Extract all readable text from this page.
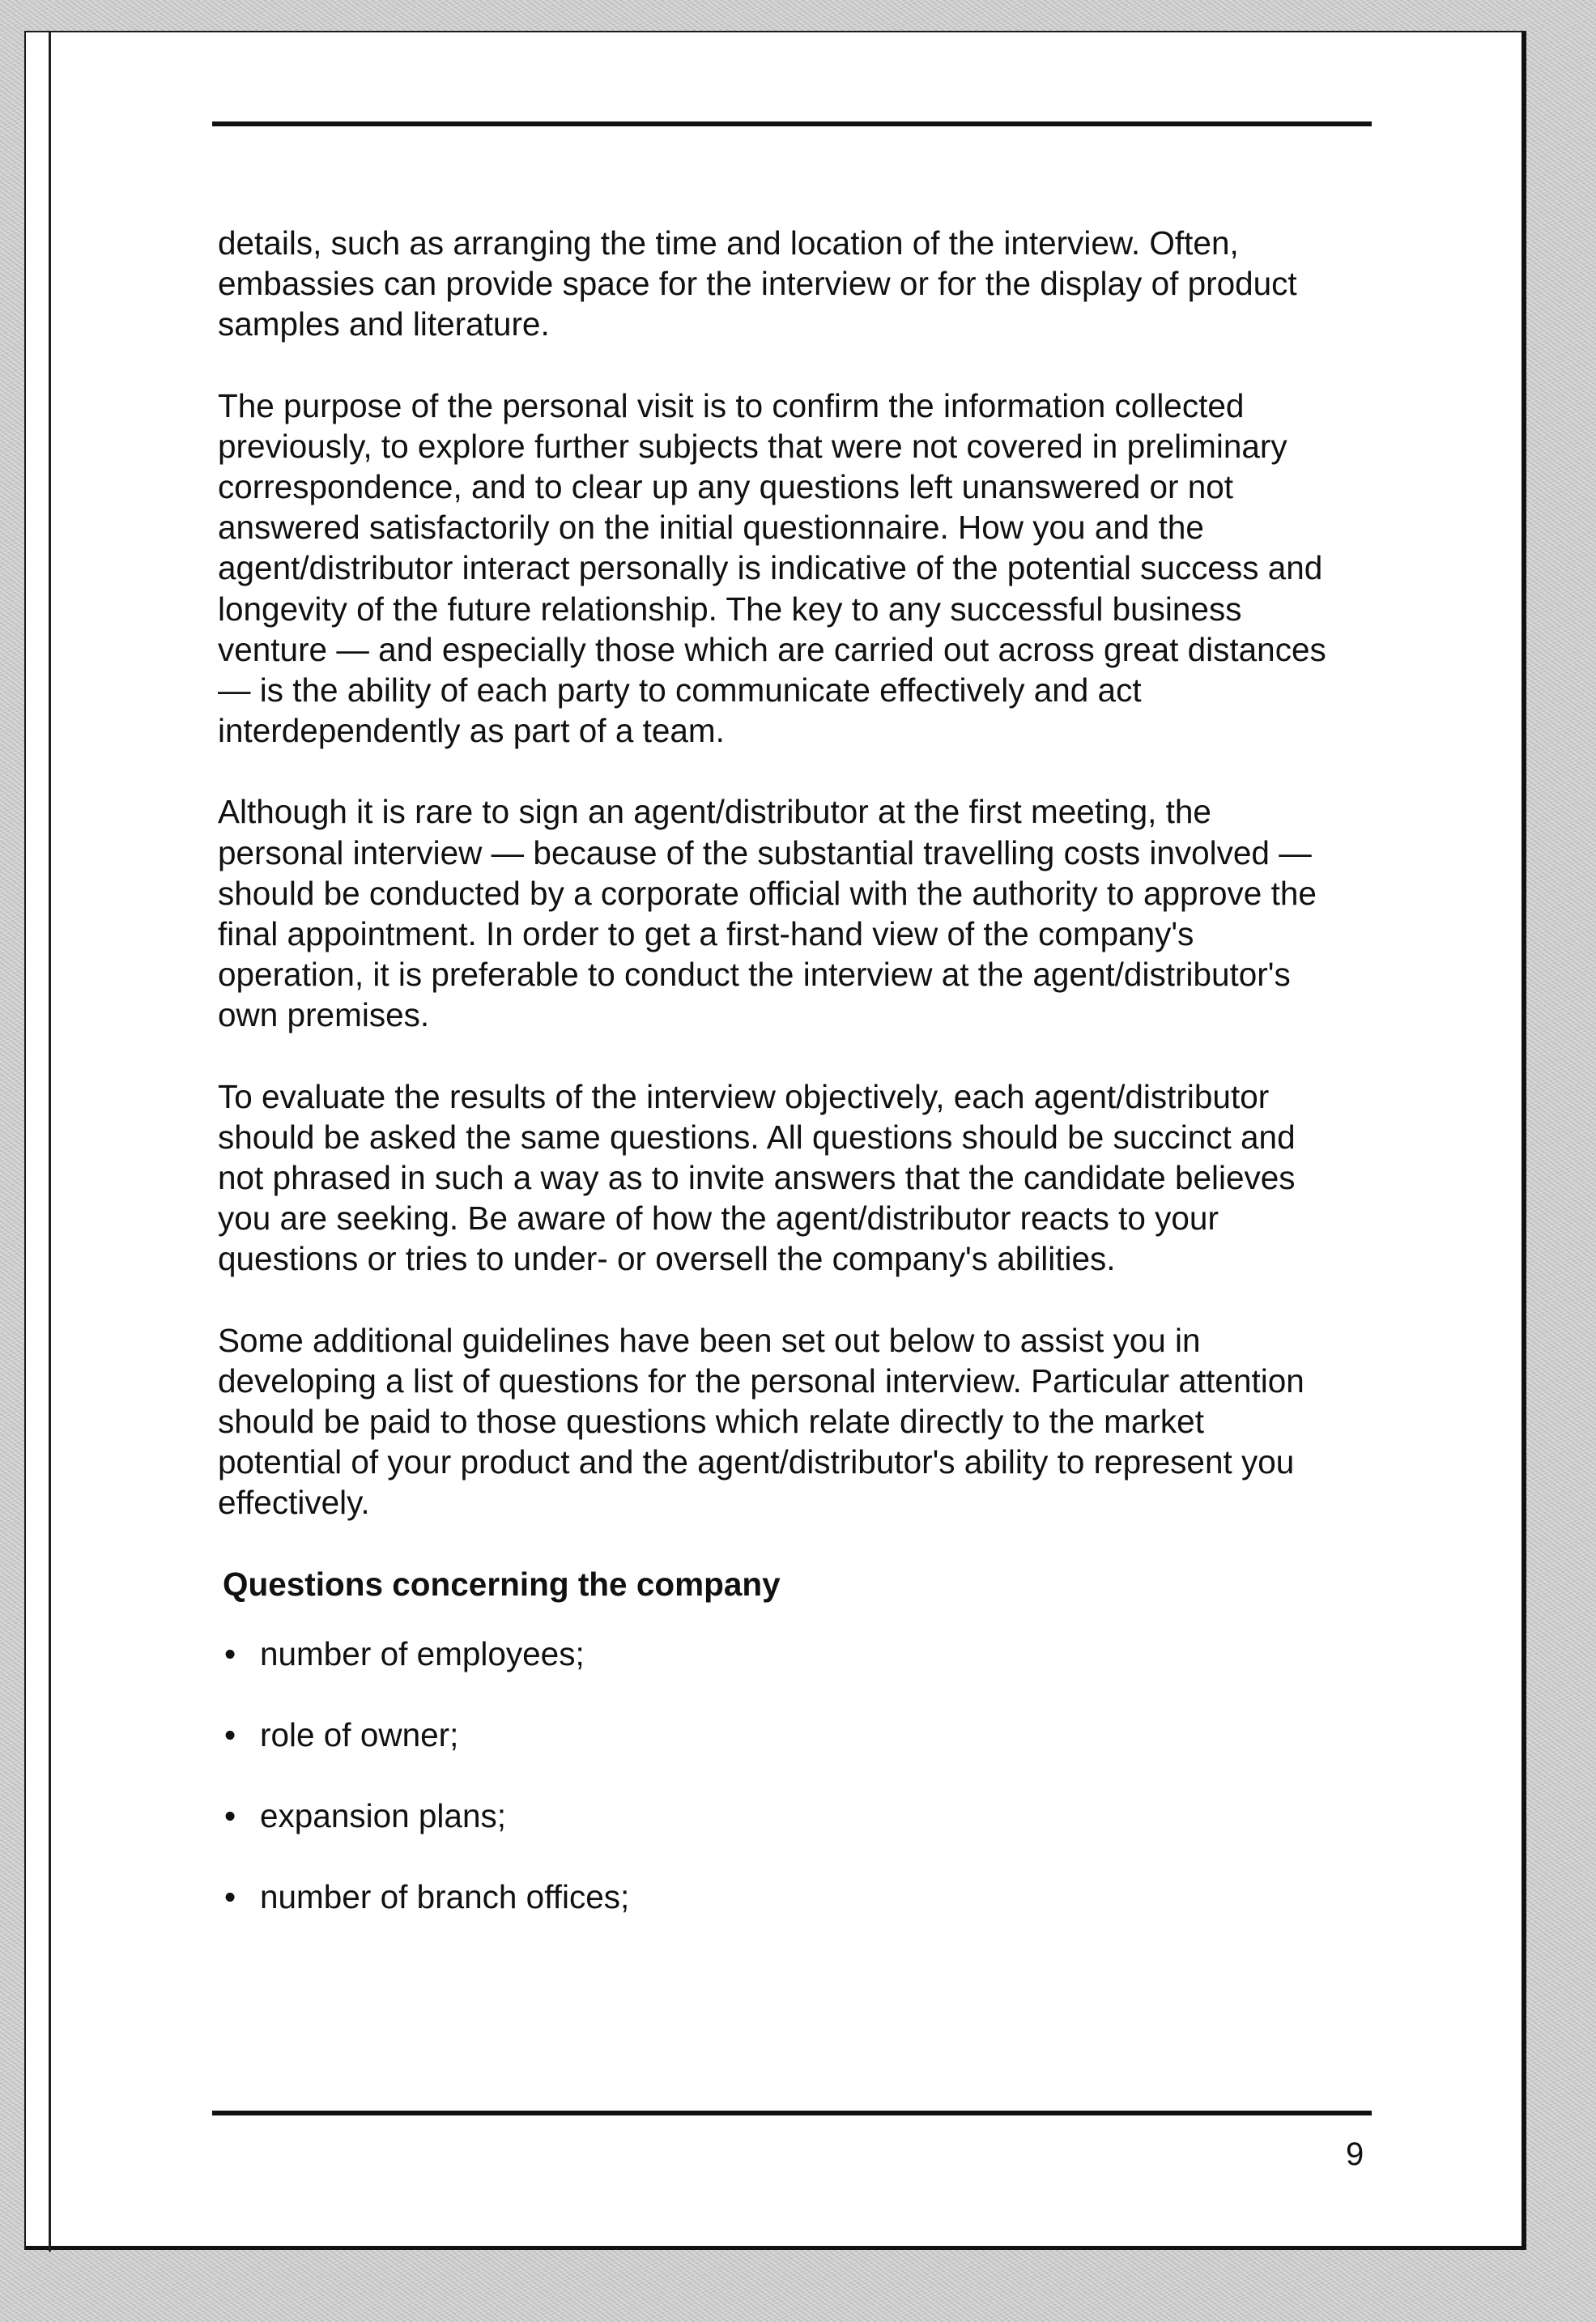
details, such as arranging the time and location of the interview. Often,
embassies can provide space for the interview or for the display of product
samples and literature.

The purpose of the personal visit is to confirm the information collected
previously, to explore further subjects that were not covered in preliminary
correspondence, and to clear up any questions left unanswered or not
answered satisfactorily on the initial questionnaire. How you and the
agent/distributor interact personally is indicative of the potential success and
longevity of the future relationship. The key to any successful business
venture — and especially those which are carried out across great distances
— is the ability of each party to communicate effectively and act
interdependently as part of a team.

Although it is rare to sign an agent/distributor at the first meeting, the
personal interview — because of the substantial travelling costs involved —
should be conducted by a corporate official with the authority to approve the
final appointment. In order to get a first-hand view of the company's
operation, it is preferable to conduct the interview at the agent/distributor's
own premises.

To evaluate the results of the interview objectively, each agent/distributor
should be asked the same questions. All questions should be succinct and
not phrased in such a way as to invite answers that the candidate believes
you are seeking. Be aware of how the agent/distributor reacts to your
questions or tries to under- or oversell the company's abilities.

Some additional guidelines have been set out below to assist you in
developing a list of questions for the personal interview. Particular attention
should be paid to those questions which relate directly to the market
potential of your product and the agent/distributor's ability to represent you
effectively.

Questions concerning the company
• number of employees;
• role of owner;
• expansion plans;
• number of branch offices;
9
